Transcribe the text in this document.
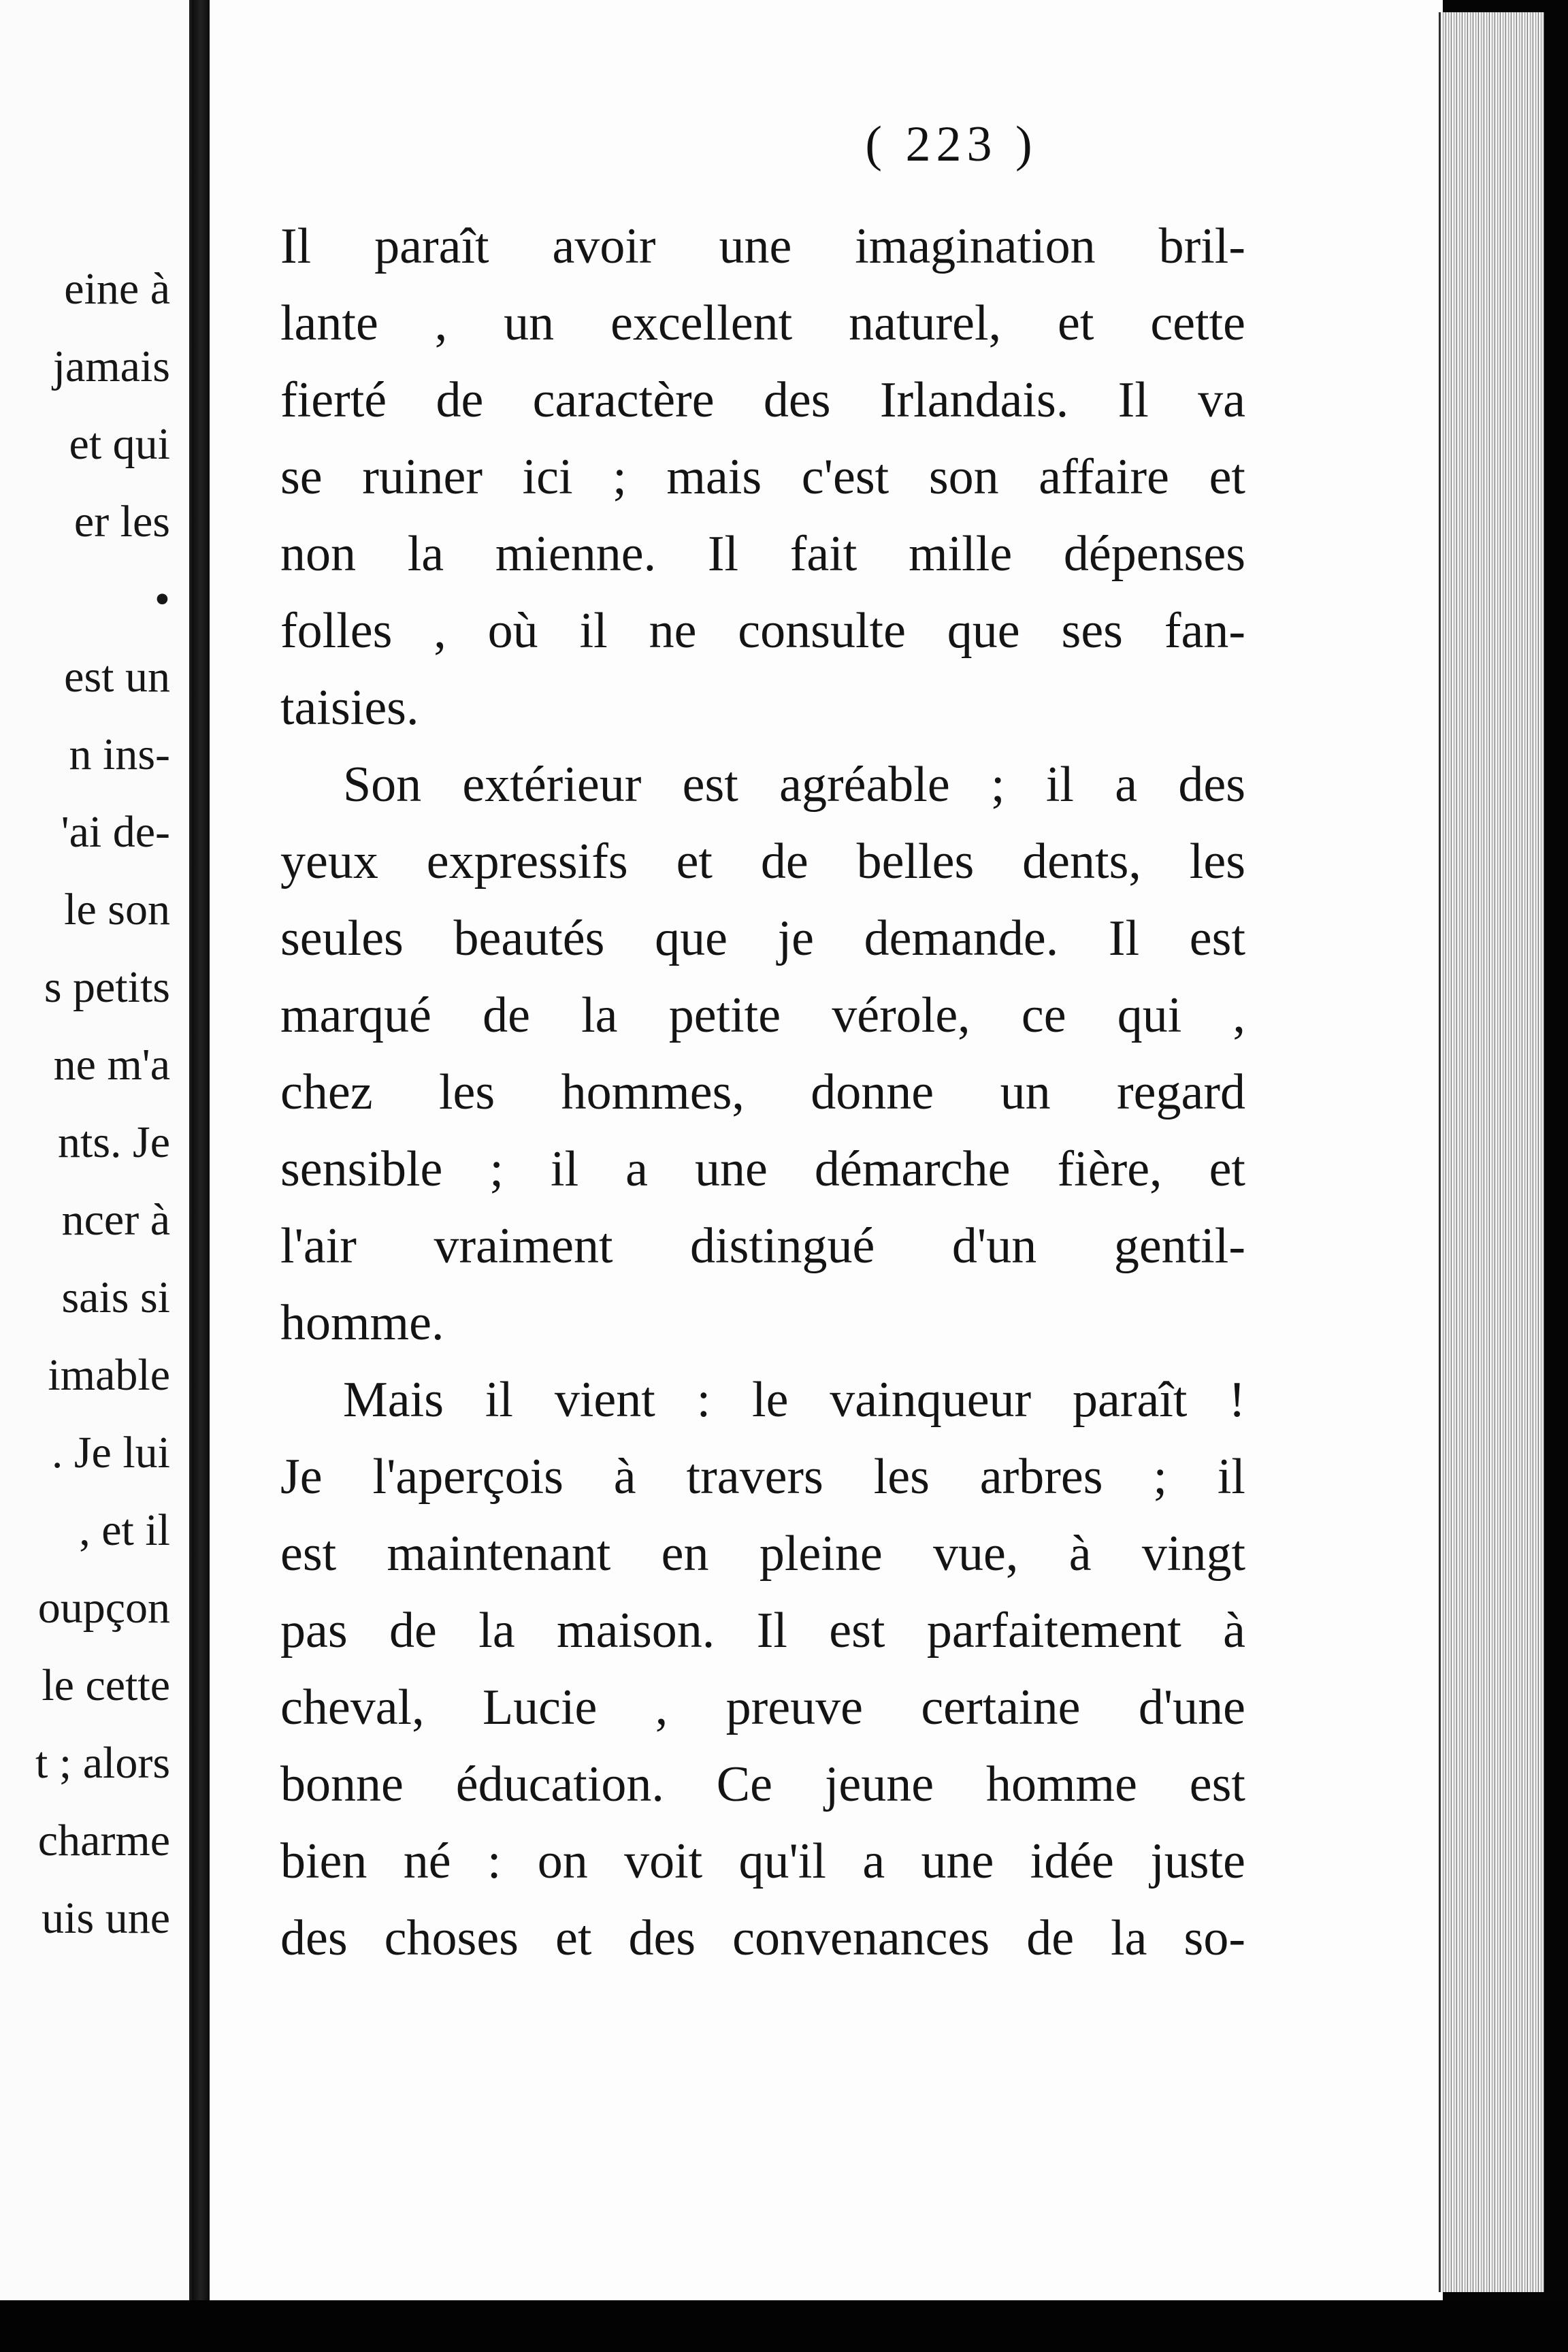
eine à
jamais
et qui
er les
•
est un
n ins-
'ai de-
le son
s petits
ne m'a
nts. Je
ncer à
sais si
imable
. Je lui
, et il
oupçon
le cette
t ; alors
charme
uis une
( 223 )
Il paraît avoir une imagination bril-
lante , un excellent naturel, et cette
fierté de caractère des Irlandais. Il va
se ruiner ici ; mais c'est son affaire et
non la mienne. Il fait mille dépenses
folles , où il ne consulte que ses fan-
taisies.
Son extérieur est agréable ; il a des
yeux expressifs et de belles dents, les
seules beautés que je demande. Il est
marqué de la petite vérole, ce qui ,
chez les hommes, donne un regard
sensible ; il a une démarche fière, et
l'air vraiment distingué d'un gentil-
homme.
Mais il vient : le vainqueur paraît !
Je l'aperçois à travers les arbres ; il
est maintenant en pleine vue, à vingt
pas de la maison. Il est parfaitement à
cheval, Lucie , preuve certaine d'une
bonne éducation. Ce jeune homme est
bien né : on voit qu'il a une idée juste
des choses et des convenances de la so-
